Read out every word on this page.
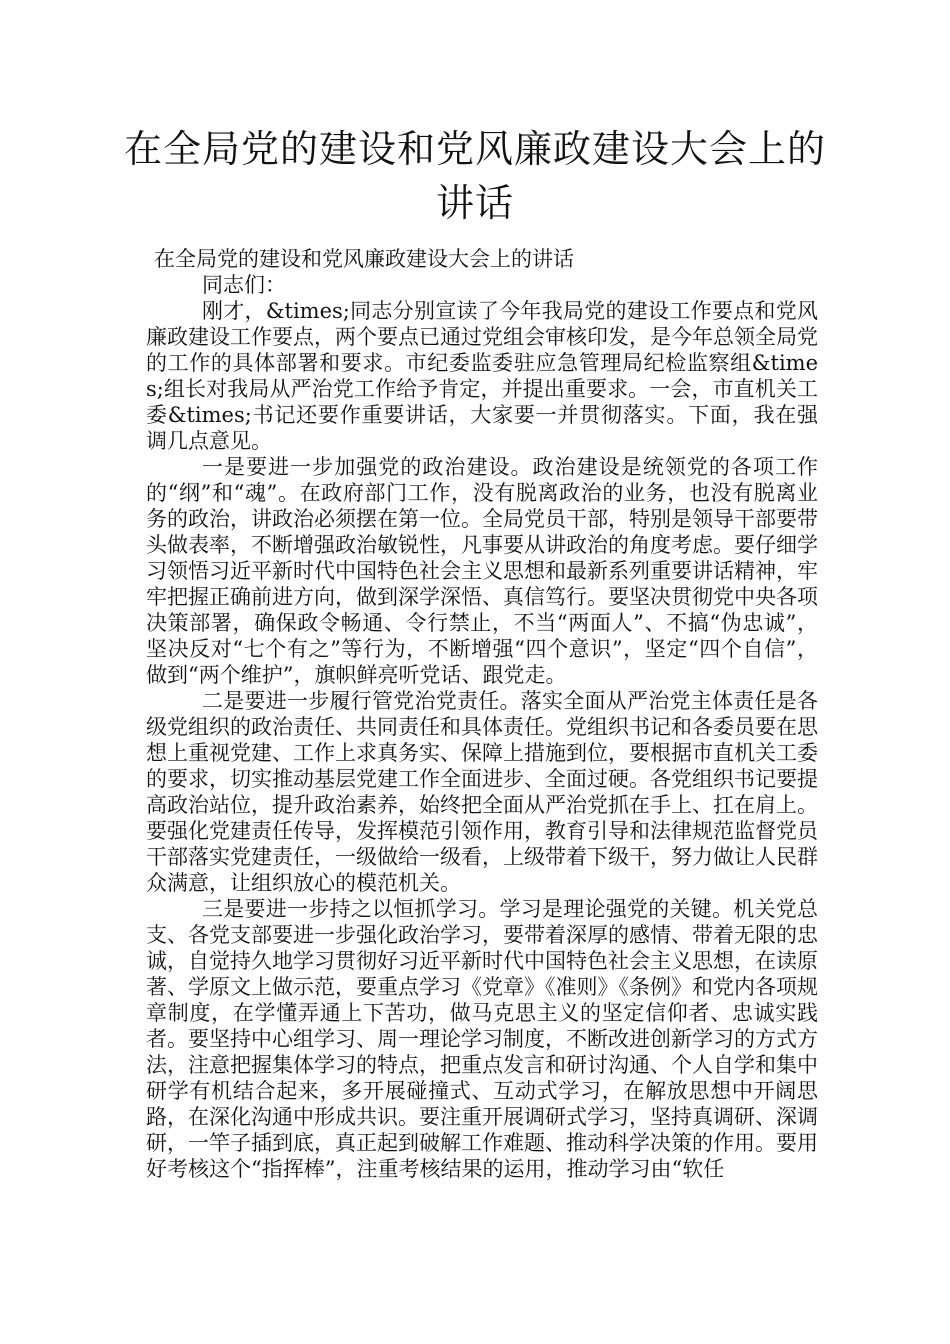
在全局党的建设和党风廉政建设大会上的
讲话

在全局党的建设和党风廉政建设大会上的讲话

同志们：

刚才，&times;同志分别宣读了今年我局党的建设工作要点和党风廉政建设工作要点，两个要点已通过党组会审核印发，是今年总领全局党的工作的具体部署和要求。市纪委监委驻应急管理局纪检监察组&times;组长对我局从严治党工作给予肯定，并提出重要求。一会，市直机关工委&times;书记还要作重要讲话，大家要一并贯彻落实。下面，我在强调几点意见。

一是要进一步加强党的政治建设。政治建设是统领党的各项工作的“纲”和“魂”。在政府部门工作，没有脱离政治的业务，也没有脱离业务的政治，讲政治必须摆在第一位。全局党员干部，特别是领导干部要带头做表率，不断增强政治敏锐性，凡事要从讲政治的角度考虑。要仔细学习领悟习近平新时代中国特色社会主义思想和最新系列重要讲话精神，牢牢把握正确前进方向，做到深学深悟、真信笃行。要坚决贯彻党中央各项决策部署，确保政令畅通、令行禁止，不当“两面人”、不搞“伪忠诚”，坚决反对“七个有之”等行为，不断增强“四个意识”，坚定“四个自信”，做到“两个维护”，旗帜鲜亮听党话、跟党走。

二是要进一步履行管党治党责任。落实全面从严治党主体责任是各级党组织的政治责任、共同责任和具体责任。党组织书记和各委员要在思想上重视党建、工作上求真务实、保障上措施到位，要根据市直机关工委的要求，切实推动基层党建工作全面进步、全面过硬。各党组织书记要提高政治站位，提升政治素养，始终把全面从严治党抓在手上、扛在肩上。要强化党建责任传导，发挥模范引领作用，教育引导和法律规范监督党员干部落实党建责任，一级做给一级看，上级带着下级干，努力做让人民群众满意，让组织放心的模范机关。

三是要进一步持之以恒抓学习。学习是理论强党的关键。机关党总支、各党支部要进一步强化政治学习，要带着深厚的感情、带着无限的忠诚，自觉持久地学习贯彻好习近平新时代中国特色社会主义思想，在读原著、学原文上做示范，要重点学习《党章》《准则》《条例》和党内各项规章制度，在学懂弄通上下苦功，做马克思主义的坚定信仰者、忠诚实践者。要坚持中心组学习、周一理论学习制度，不断改进创新学习的方式方法，注意把握集体学习的特点，把重点发言和研讨沟通、个人自学和集中研学有机结合起来，多开展碰撞式、互动式学习，在解放思想中开阔思路，在深化沟通中形成共识。要注重开展调研式学习，坚持真调研、深调研，一竿子插到底，真正起到破解工作难题、推动科学决策的作用。要用好考核这个“指挥棒”，注重考核结果的运用，推动学习由“软任
